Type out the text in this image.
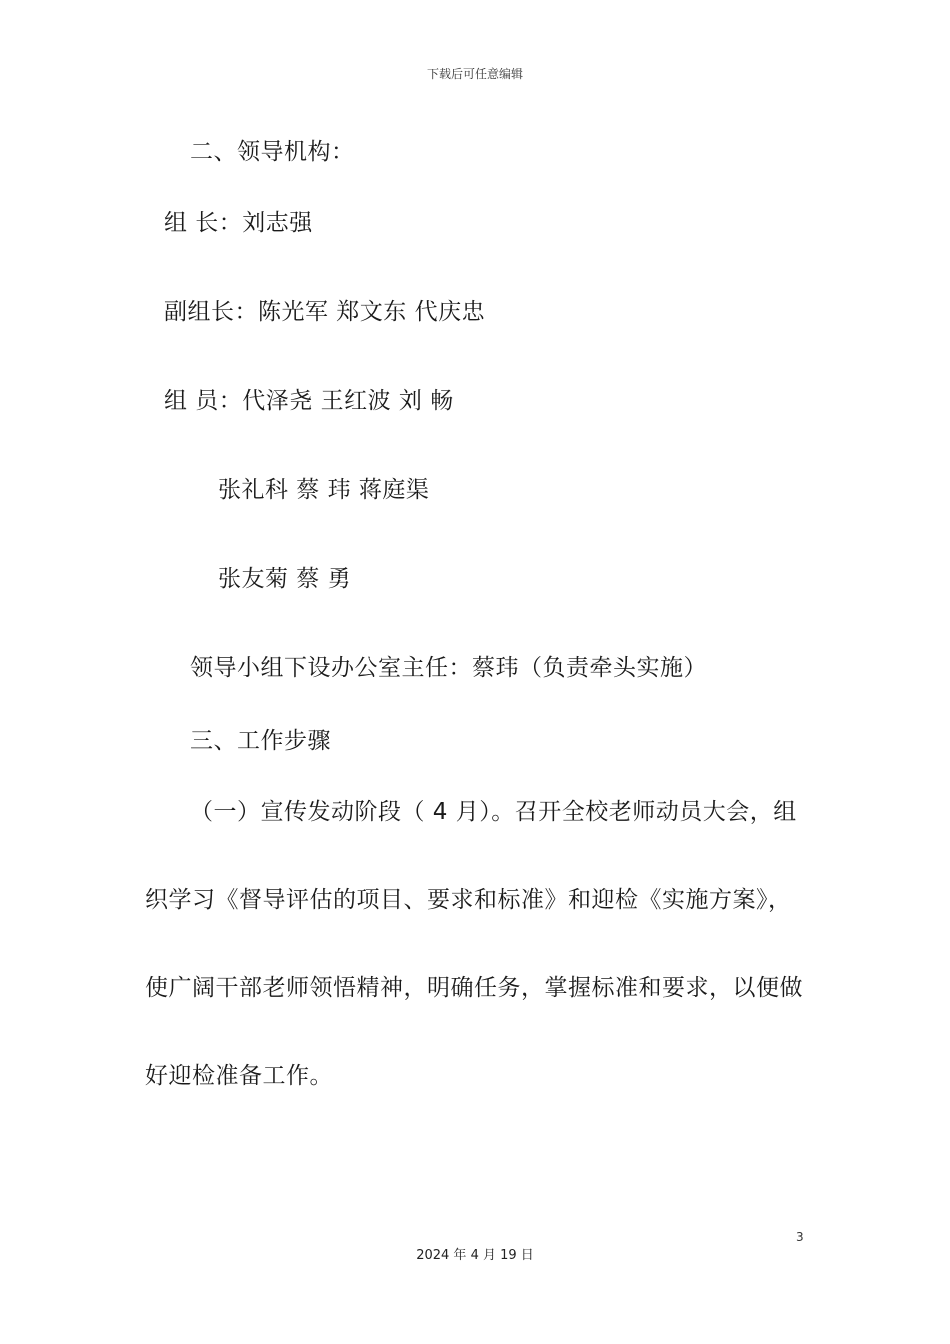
下载后可任意编辑
二、领导机构：
组 长：刘志强
副组长：陈光军 郑文东 代庆忠
组 员：代泽尧 王红波 刘 畅
张礼科 蔡 玮 蒋庭渠
张友菊 蔡 勇
领导小组下设办公室主任：蔡玮（负责牵头实施）
三、工作步骤
（一）宣传发动阶段（ 4 月）。召开全校老师动员大会，组
织学习《督导评估的项目、要求和标准》和迎检《实施方案》，
使广阔干部老师领悟精神，明确任务，掌握标准和要求，以便做
好迎检准备工作。
3
2024 年 4 月 19 日
